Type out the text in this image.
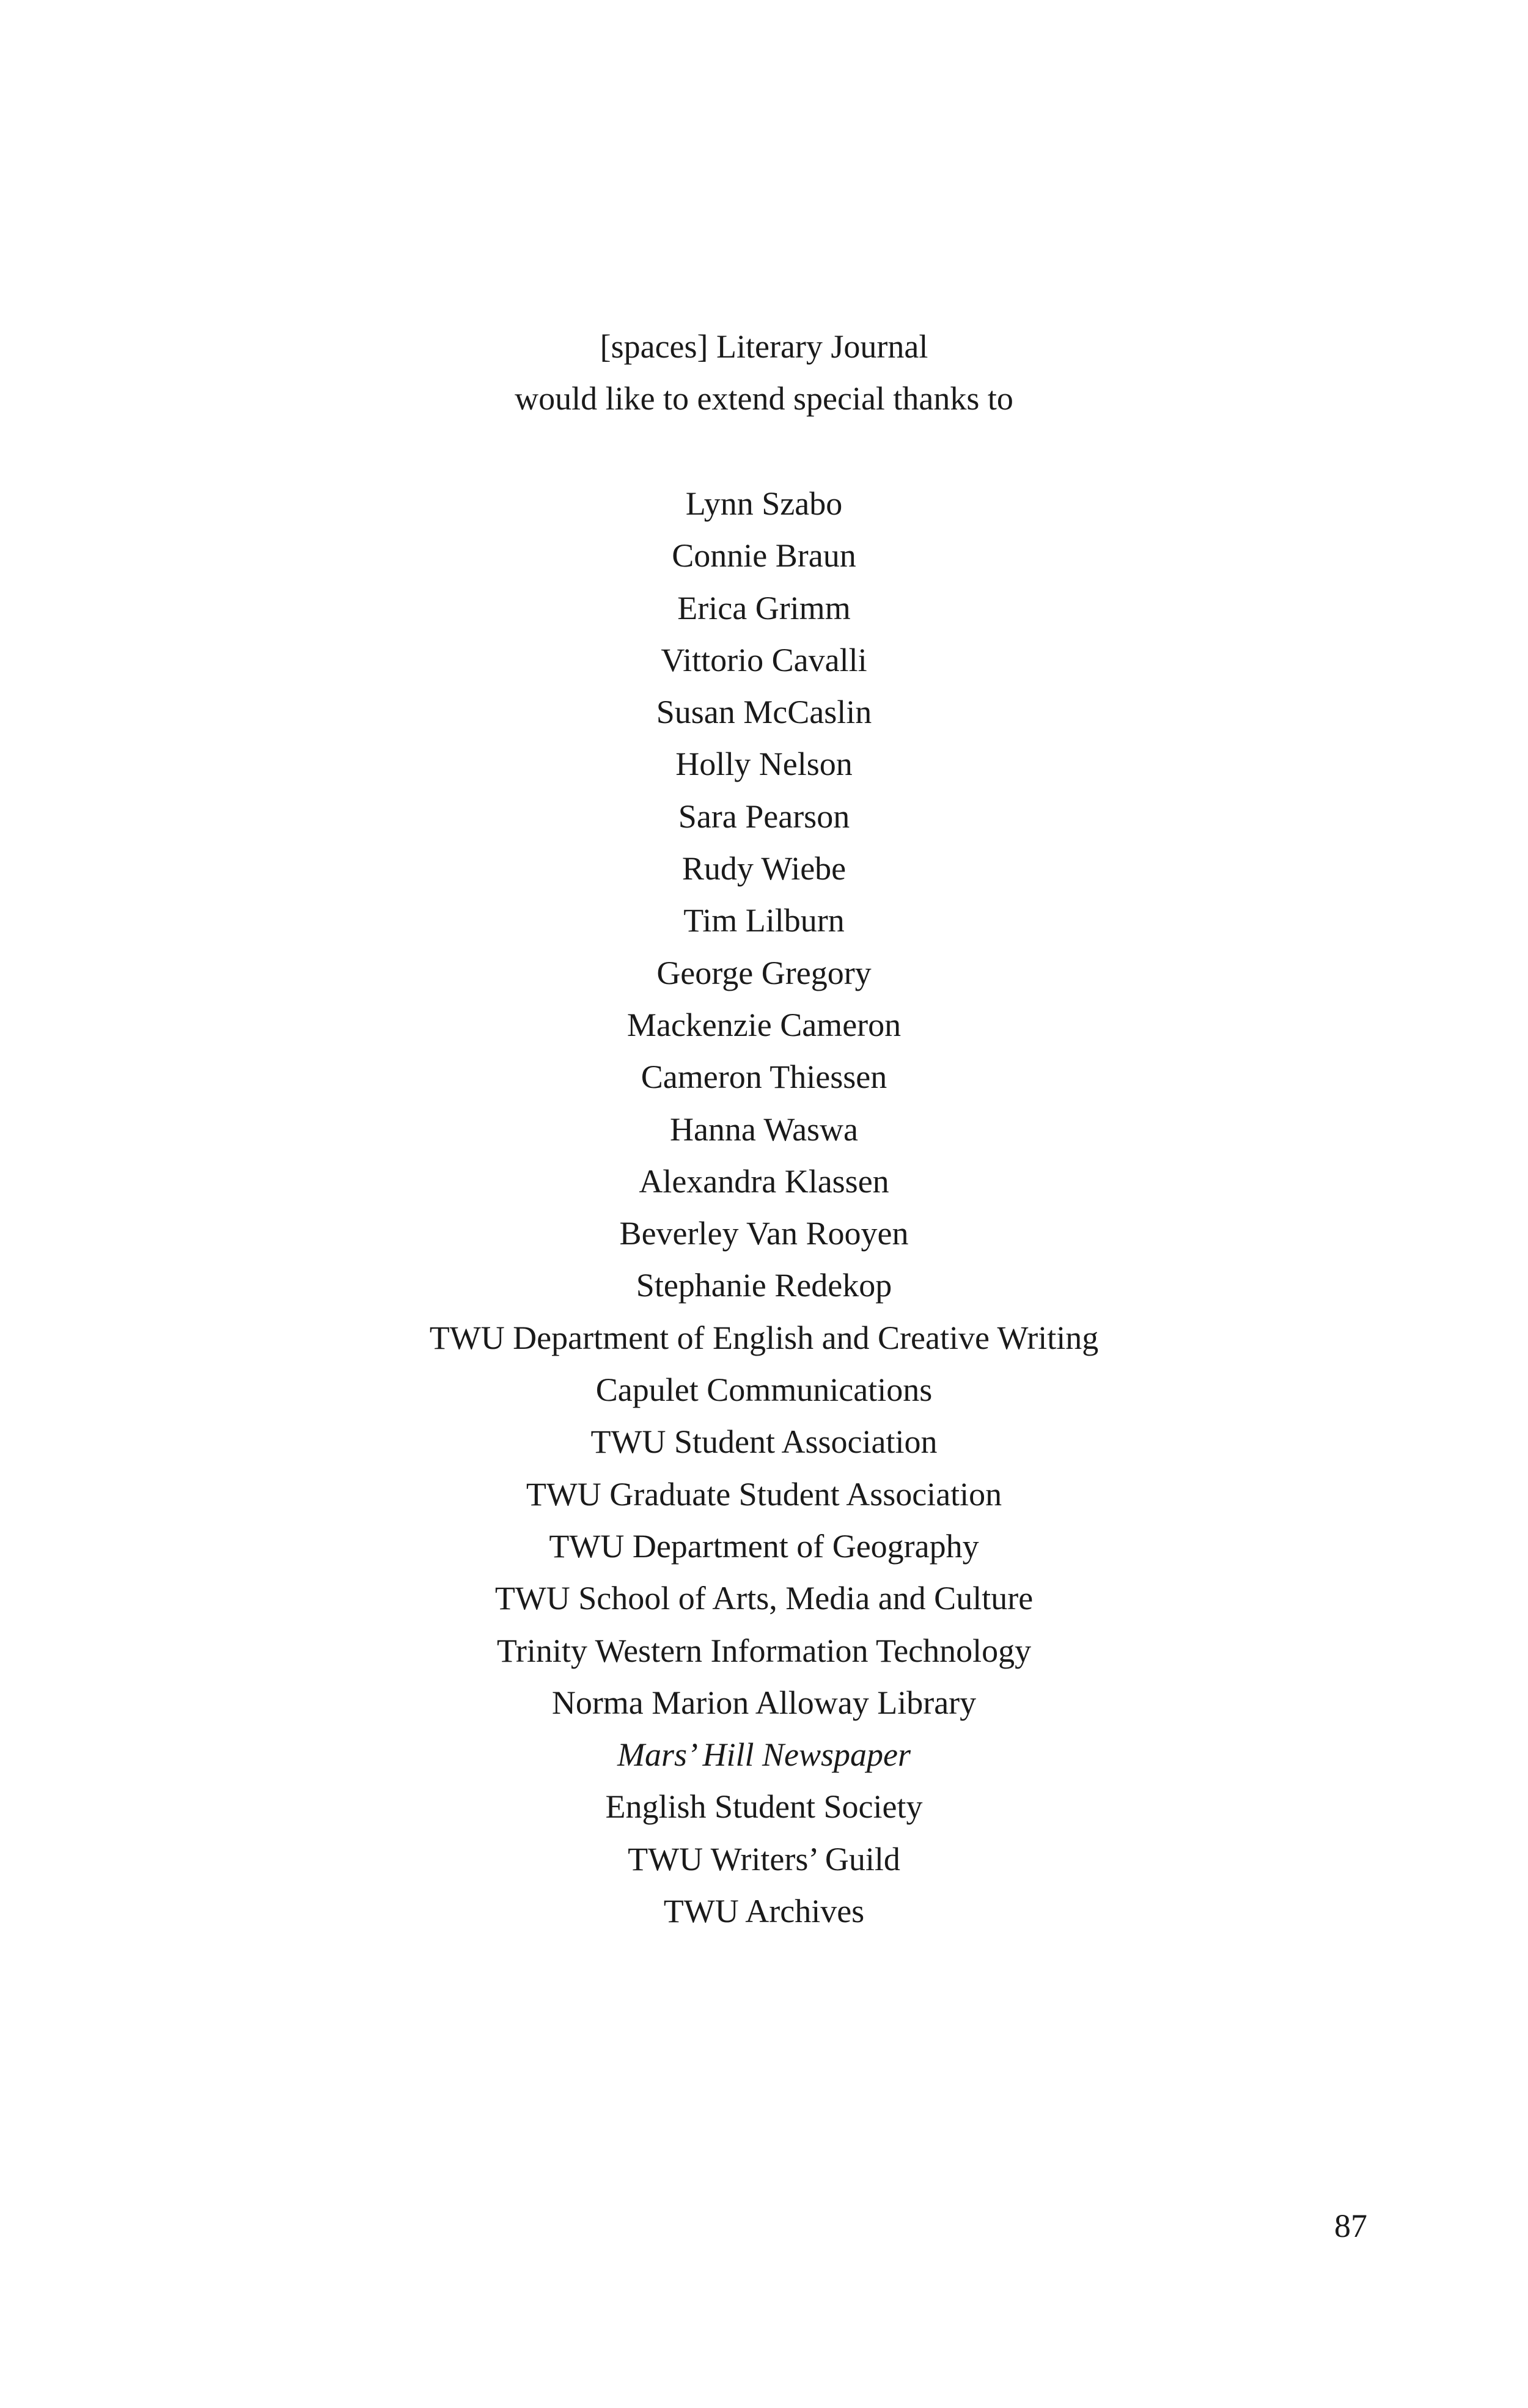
[spaces] Literary Journal
would like to extend special thanks to
Lynn Szabo
Connie Braun
Erica Grimm
Vittorio Cavalli
Susan McCaslin
Holly Nelson
Sara Pearson
Rudy Wiebe
Tim Lilburn
George Gregory
Mackenzie Cameron
Cameron Thiessen
Hanna Waswa
Alexandra Klassen
Beverley Van Rooyen
Stephanie Redekop
TWU Department of English and Creative Writing
Capulet Communications
TWU Student Association
TWU Graduate Student Association
TWU Department of Geography
TWU School of Arts, Media and Culture
Trinity Western Information Technology
Norma Marion Alloway Library
Mars’ Hill Newspaper
English Student Society
TWU Writers’ Guild
TWU Archives
87
